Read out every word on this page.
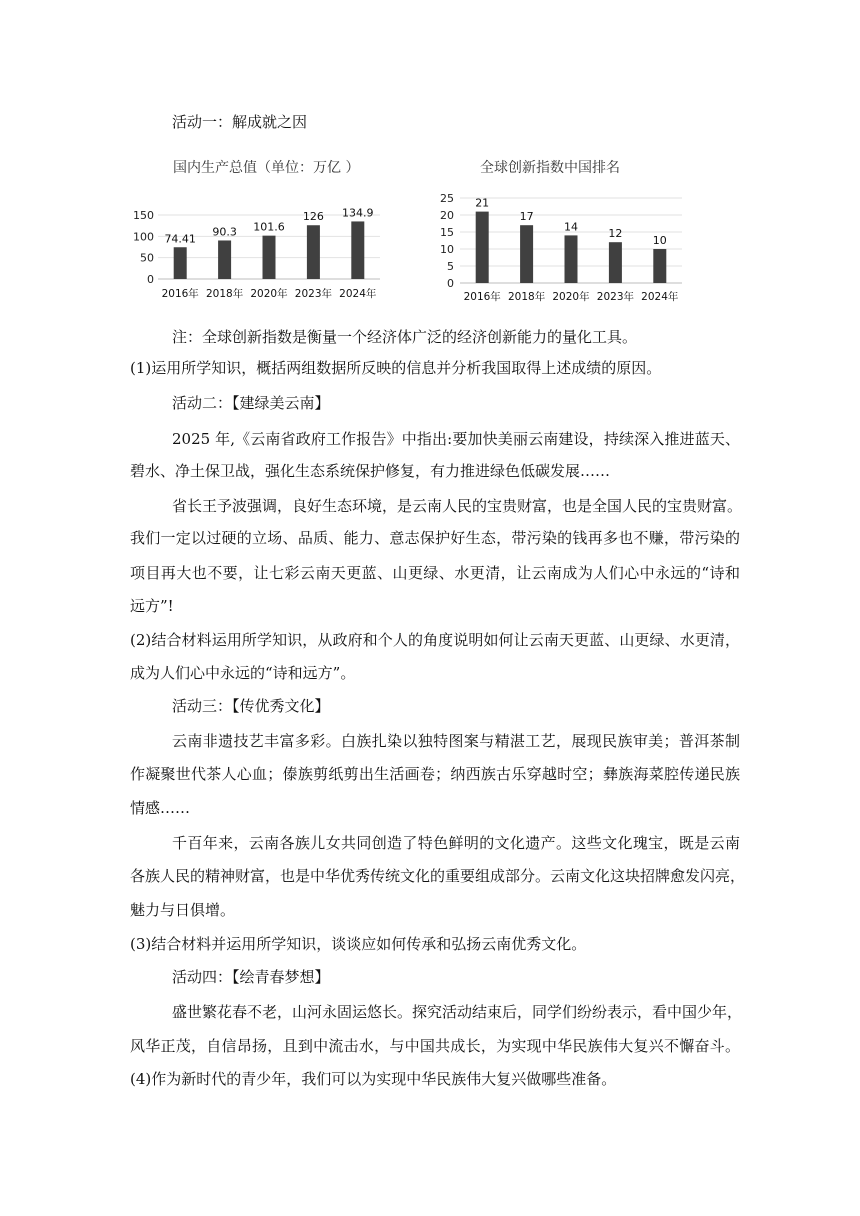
活动一：解成就之因
国内生产总值（单位：万亿 ）	全球创新指数中国排名
0
50
100
150
74.41
2016年
90.3
2018年
101.6
2020年
126
2023年
134.9
2024年
0
5
10
15
20
25 21
2016年
17
2018年
14
2020年
12
2023年
10
2024年
注：全球创新指数是衡量一个经济体广泛的经济创新能力的量化工具。
(1)运用所学知识，概括两组数据所反映的信息并分析我国取得上述成绩的原因。
活动二：【建绿美云南】
2025 年,《云南省政府工作报告》中指出:要加快美丽云南建设，持续深入推进蓝天、
碧水、净土保卫战，强化生态系统保护修复，有力推进绿色低碳发展……
省长王予波强调，良好生态环境，是云南人民的宝贵财富，也是全国人民的宝贵财富。
我们一定以过硬的立场、品质、能力、意志保护好生态，带污染的钱再多也不赚，带污染的
项目再大也不要，让七彩云南天更蓝、山更绿、水更清，让云南成为人们心中永远的“诗和
远方”!
(2)结合材料运用所学知识，从政府和个人的角度说明如何让云南天更蓝、山更绿、水更清，
成为人们心中永远的“诗和远方”。
活动三：【传优秀文化】
云南非遗技艺丰富多彩。白族扎染以独特图案与精湛工艺，展现民族审美；普洱茶制
作凝聚世代茶人心血；傣族剪纸剪出生活画卷；纳西族古乐穿越时空；彝族海菜腔传递民族
情感……
千百年来，云南各族儿女共同创造了特色鲜明的文化遗产。这些文化瑰宝，既是云南
各族人民的精神财富，也是中华优秀传统文化的重要组成部分。云南文化这块招牌愈发闪亮，
魅力与日俱增。
(3)结合材料并运用所学知识，谈谈应如何传承和弘扬云南优秀文化。
活动四：【绘青春梦想】
盛世繁花春不老，山河永固运悠长。探究活动结束后，同学们纷纷表示，看中国少年，
风华正茂，自信昂扬，且到中流击水，与中国共成长，为实现中华民族伟大复兴不懈奋斗。
(4)作为新时代的青少年，我们可以为实现中华民族伟大复兴做哪些准备。
